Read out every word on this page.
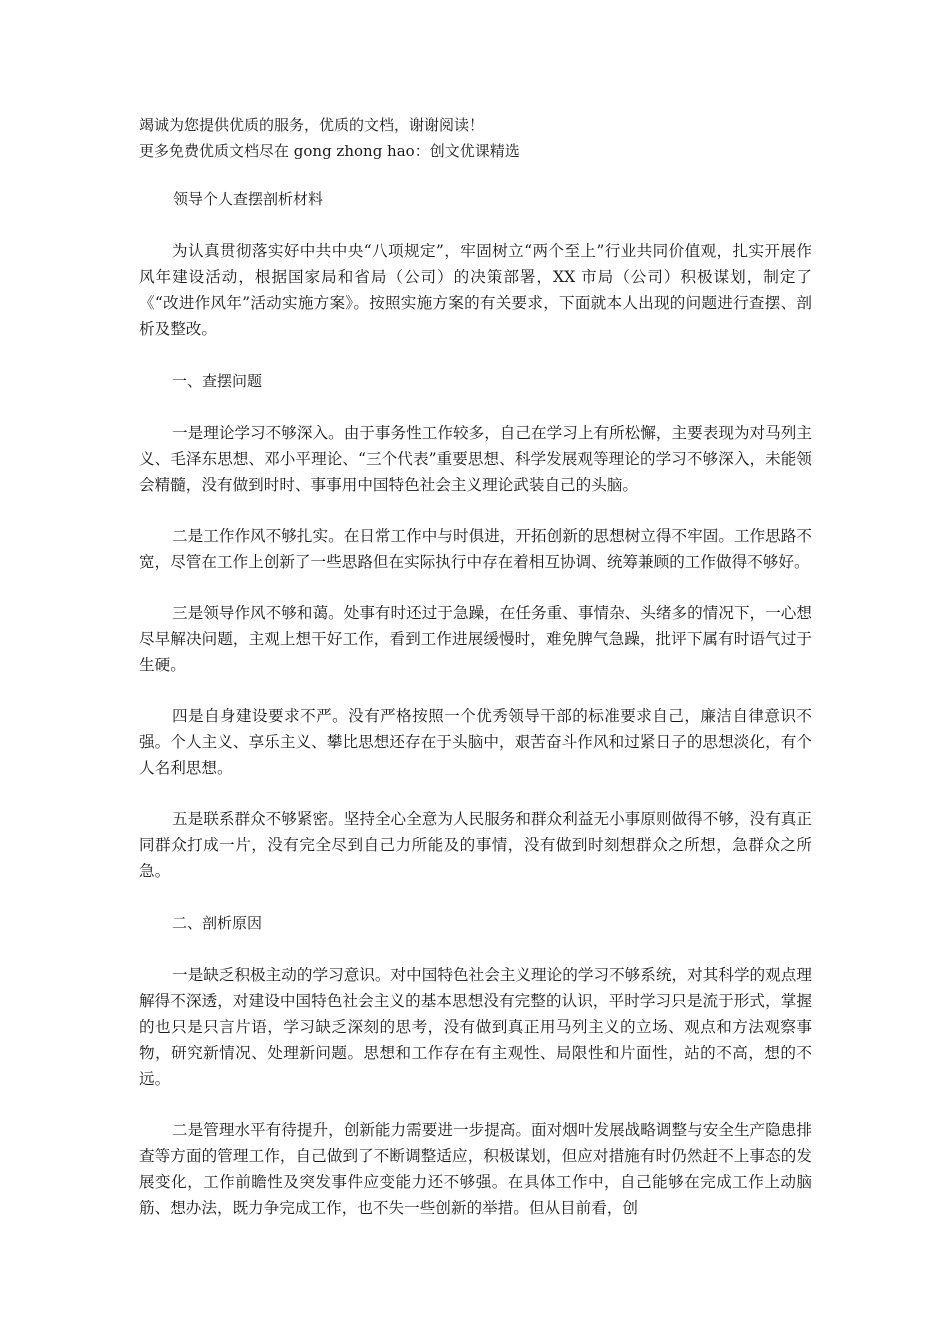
竭诚为您提供优质的服务，优质的文档，谢谢阅读！
更多免费优质文档尽在 gong zhong hao：创文优课精选
领导个人查摆剖析材料

为认真贯彻落实好中共中央“八项规定”，牢固树立“两个至上”行业共同价值观，扎实开展作风年建设活动，根据国家局和省局（公司）的决策部署，XX 市局（公司）积极谋划，制定了《“改进作风年”活动实施方案》。按照实施方案的有关要求，下面就本人出现的问题进行查摆、剖析及整改。

一、查摆问题

一是理论学习不够深入。由于事务性工作较多，自己在学习上有所松懈，主要表现为对马列主义、毛泽东思想、邓小平理论、“三个代表”重要思想、科学发展观等理论的学习不够深入，未能领会精髓，没有做到时时、事事用中国特色社会主义理论武装自己的头脑。

二是工作作风不够扎实。在日常工作中与时俱进，开拓创新的思想树立得不牢固。工作思路不宽，尽管在工作上创新了一些思路但在实际执行中存在着相互协调、统筹兼顾的工作做得不够好。

三是领导作风不够和蔼。处事有时还过于急躁，在任务重、事情杂、头绪多的情况下，一心想尽早解决问题，主观上想干好工作，看到工作进展缓慢时，难免脾气急躁，批评下属有时语气过于生硬。

四是自身建设要求不严。没有严格按照一个优秀领导干部的标准要求自己，廉洁自律意识不强。个人主义、享乐主义、攀比思想还存在于头脑中，艰苦奋斗作风和过紧日子的思想淡化，有个人名利思想。

五是联系群众不够紧密。坚持全心全意为人民服务和群众利益无小事原则做得不够，没有真正同群众打成一片，没有完全尽到自己力所能及的事情，没有做到时刻想群众之所想，急群众之所急。

二、剖析原因

一是缺乏积极主动的学习意识。对中国特色社会主义理论的学习不够系统，对其科学的观点理解得不深透，对建设中国特色社会主义的基本思想没有完整的认识，平时学习只是流于形式，掌握的也只是只言片语，学习缺乏深刻的思考，没有做到真正用马列主义的立场、观点和方法观察事物，研究新情况、处理新问题。思想和工作存在有主观性、局限性和片面性，站的不高，想的不远。

二是管理水平有待提升，创新能力需要进一步提高。面对烟叶发展战略调整与安全生产隐患排查等方面的管理工作，自己做到了不断调整适应，积极谋划，但应对措施有时仍然赶不上事态的发展变化，工作前瞻性及突发事件应变能力还不够强。在具体工作中，自己能够在完成工作上动脑筋、想办法，既力争完成工作，也不失一些创新的举措。但从目前看，创
